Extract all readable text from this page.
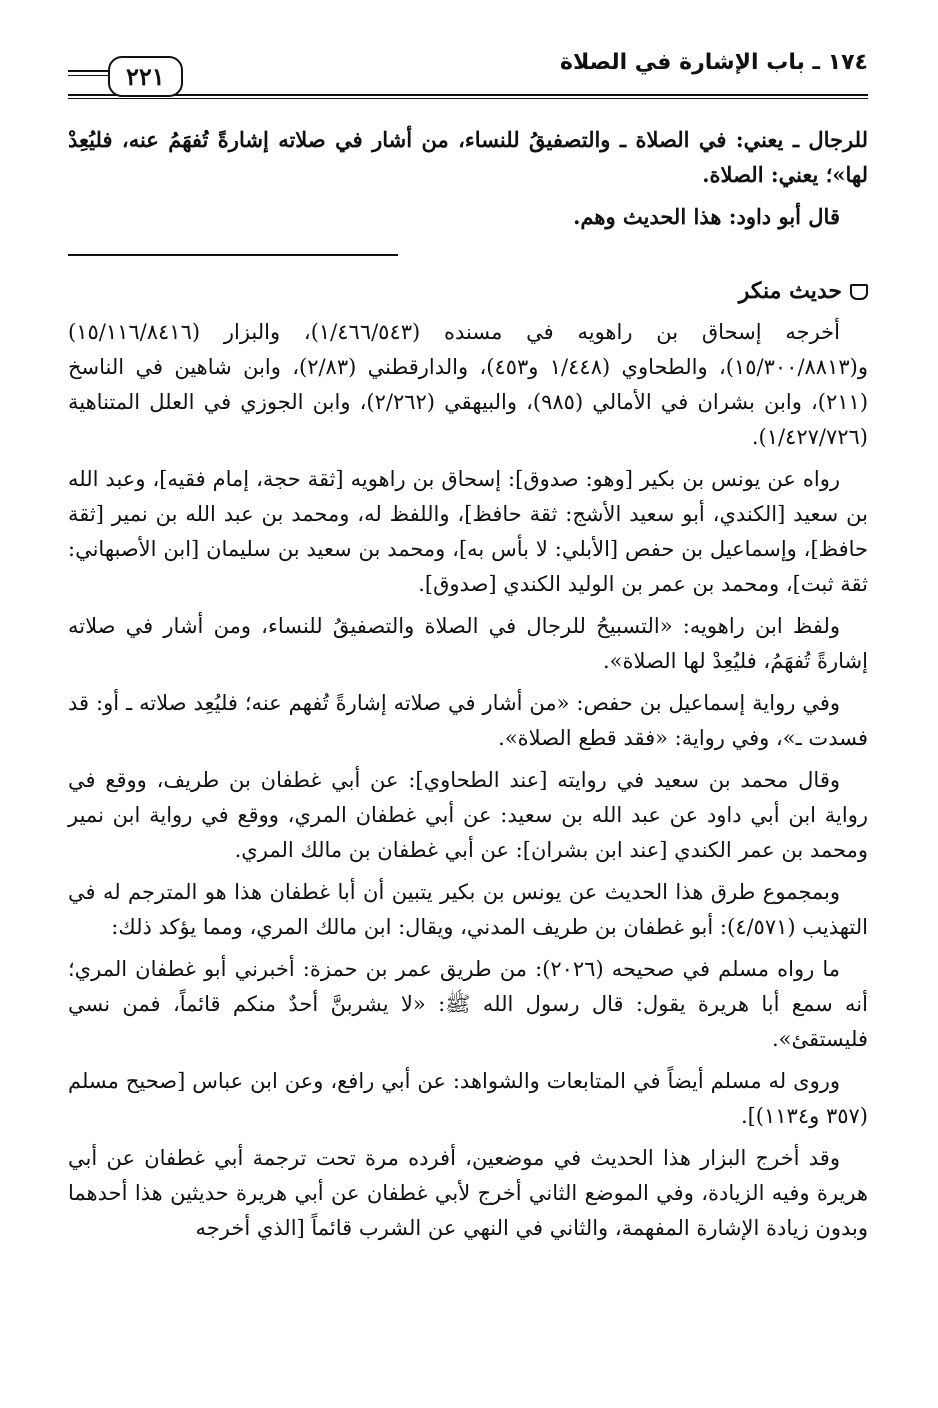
١٧٤ ـ باب الإشارة في الصلاة
٢٢١

للرجال ـ يعني: في الصلاة ـ والتصفيقُ للنساء، من أشار في صلاته إشارةً تُفهَمُ عنه، فليُعِدْ لها»؛ يعني: الصلاة.

قال أبو داود: هذا الحديث وهم.

حديث منكر

أخرجه إسحاق بن راهويه في مسنده (١/٤٦٦/٥٤٣)، والبزار (١٥/١١٦/٨٤١٦) و(١٥/٣٠٠/٨٨١٣)، والطحاوي (١/٤٤٨ و٤٥٣)، والدارقطني (٢/٨٣)، وابن شاهين في الناسخ (٢١١)، وابن بشران في الأمالي (٩٨٥)، والبيهقي (٢/٢٦٢)، وابن الجوزي في العلل المتناهية (١/٤٢٧/٧٢٦).

رواه عن يونس بن بكير [وهو: صدوق]: إسحاق بن راهويه [ثقة حجة، إمام فقيه]، وعبد الله بن سعيد [الكندي، أبو سعيد الأشج: ثقة حافظ]، واللفظ له، ومحمد بن عبد الله بن نمير [ثقة حافظ]، وإسماعيل بن حفص [الأبلي: لا بأس به]، ومحمد بن سعيد بن سليمان [ابن الأصبهاني: ثقة ثبت]، ومحمد بن عمر بن الوليد الكندي [صدوق].

ولفظ ابن راهويه: «التسبيحُ للرجال في الصلاة والتصفيقُ للنساء، ومن أشار في صلاته إشارةً تُفهَمُ، فليُعِدْ لها الصلاة».

وفي رواية إسماعيل بن حفص: «من أشار في صلاته إشارةً تُفهم عنه؛ فليُعِد صلاته ـ أو: قد فسدت ـ»، وفي رواية: «فقد قطع الصلاة».

وقال محمد بن سعيد في روايته [عند الطحاوي]: عن أبي غطفان بن طريف، ووقع في رواية ابن أبي داود عن عبد الله بن سعيد: عن أبي غطفان المري، ووقع في رواية ابن نمير ومحمد بن عمر الكندي [عند ابن بشران]: عن أبي غطفان بن مالك المري.

وبمجموع طرق هذا الحديث عن يونس بن بكير يتبين أن أبا غطفان هذا هو المترجم له في التهذيب (٤/٥٧١): أبو غطفان بن طريف المدني، ويقال: ابن مالك المري، ومما يؤكد ذلك:

ما رواه مسلم في صحيحه (٢٠٢٦): من طريق عمر بن حمزة: أخبرني أبو غطفان المري؛ أنه سمع أبا هريرة يقول: قال رسول الله ﷺ: «لا يشربنَّ أحدٌ منكم قائماً، فمن نسي فليستقئ».

وروى له مسلم أيضاً في المتابعات والشواهد: عن أبي رافع، وعن ابن عباس [صحيح مسلم (٣٥٧ و١١٣٤)].

وقد أخرج البزار هذا الحديث في موضعين، أفرده مرة تحت ترجمة أبي غطفان عن أبي هريرة وفيه الزيادة، وفي الموضع الثاني أخرج لأبي غطفان عن أبي هريرة حديثين هذا أحدهما وبدون زيادة الإشارة المفهمة، والثاني في النهي عن الشرب قائماً [الذي أخرجه
